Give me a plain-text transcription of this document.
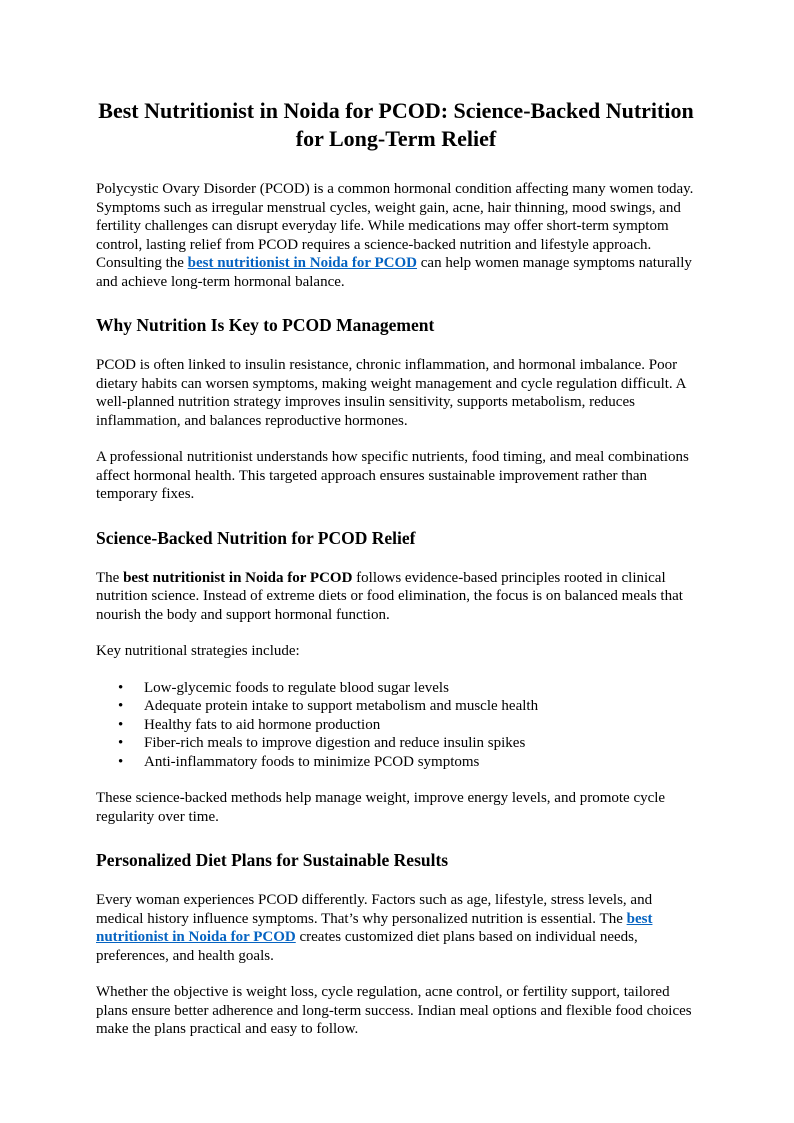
Best Nutritionist in Noida for PCOD: Science-Backed Nutrition for Long-Term Relief

Polycystic Ovary Disorder (PCOD) is a common hormonal condition affecting many women today. Symptoms such as irregular menstrual cycles, weight gain, acne, hair thinning, mood swings, and fertility challenges can disrupt everyday life. While medications may offer short-term symptom control, lasting relief from PCOD requires a science-backed nutrition and lifestyle approach. Consulting the best nutritionist in Noida for PCOD can help women manage symptoms naturally and achieve long-term hormonal balance.

Why Nutrition Is Key to PCOD Management

PCOD is often linked to insulin resistance, chronic inflammation, and hormonal imbalance. Poor dietary habits can worsen symptoms, making weight management and cycle regulation difficult. A well-planned nutrition strategy improves insulin sensitivity, supports metabolism, reduces inflammation, and balances reproductive hormones.

A professional nutritionist understands how specific nutrients, food timing, and meal combinations affect hormonal health. This targeted approach ensures sustainable improvement rather than temporary fixes.

Science-Backed Nutrition for PCOD Relief

The best nutritionist in Noida for PCOD follows evidence-based principles rooted in clinical nutrition science. Instead of extreme diets or food elimination, the focus is on balanced meals that nourish the body and support hormonal function.

Key nutritional strategies include:

• Low-glycemic foods to regulate blood sugar levels
• Adequate protein intake to support metabolism and muscle health
• Healthy fats to aid hormone production
• Fiber-rich meals to improve digestion and reduce insulin spikes
• Anti-inflammatory foods to minimize PCOD symptoms

These science-backed methods help manage weight, improve energy levels, and promote cycle regularity over time.

Personalized Diet Plans for Sustainable Results

Every woman experiences PCOD differently. Factors such as age, lifestyle, stress levels, and medical history influence symptoms. That’s why personalized nutrition is essential. The best nutritionist in Noida for PCOD creates customized diet plans based on individual needs, preferences, and health goals.

Whether the objective is weight loss, cycle regulation, acne control, or fertility support, tailored plans ensure better adherence and long-term success. Indian meal options and flexible food choices make the plans practical and easy to follow.
